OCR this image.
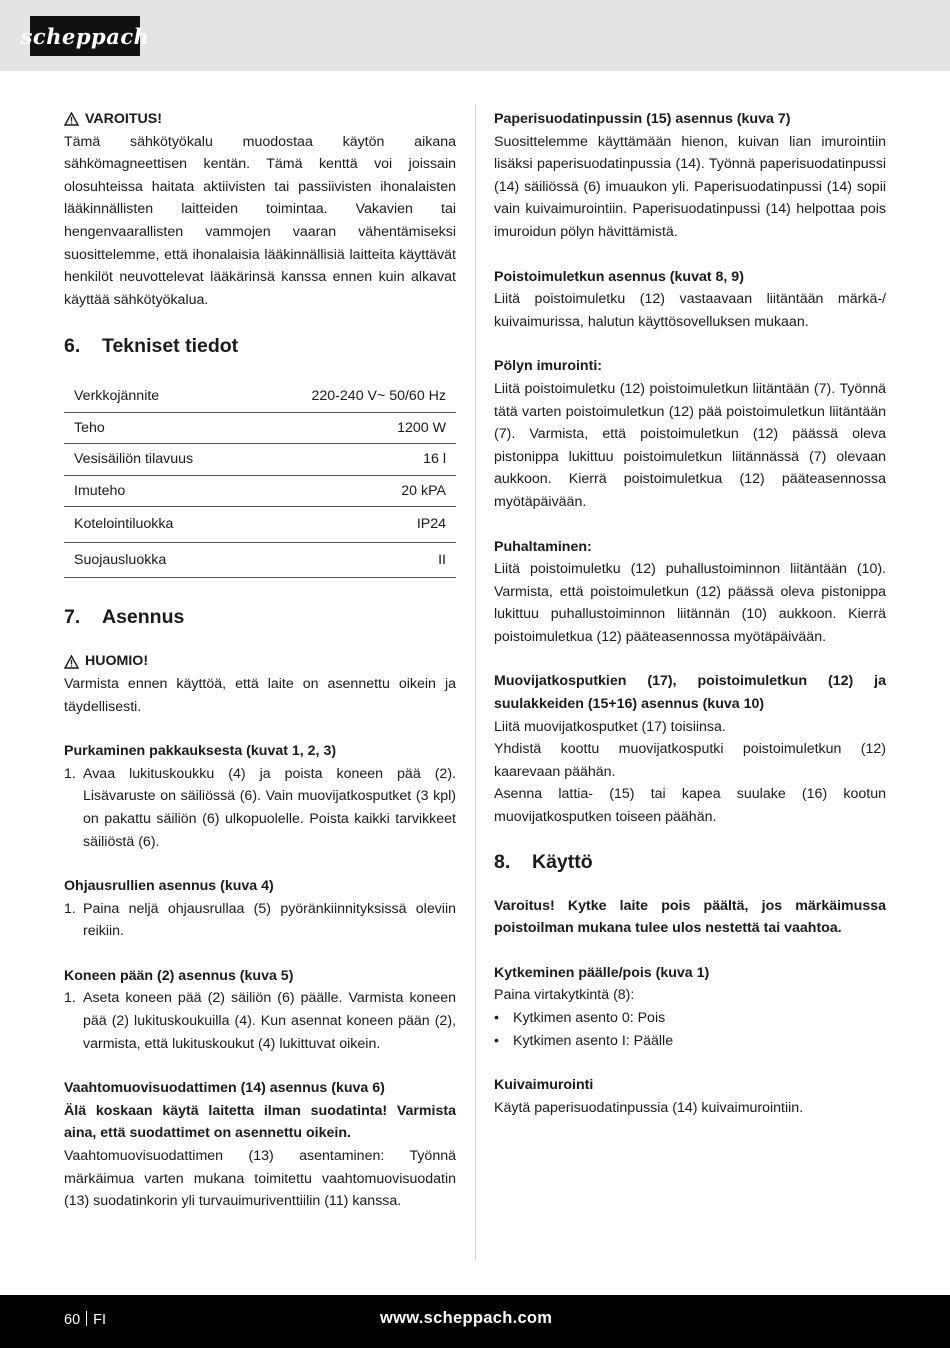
scheppach
VAROITUS!

Tämä sähkötyökalu muodostaa käytön aikana sähkömagneettisen kentän. Tämä kenttä voi joissain olosuhteissa haitata aktiivisten tai passiivisten ihonalaisten lääkinnällisten laitteiden toimintaa. Vakavien tai hengenvaarallisten vammojen vaaran vähentämiseksi suosittelemme, että ihonalaisia lääkinnällisiä laitteita käyttävät henkilöt neuvottelevat lääkärinsä kanssa ennen kuin alkavat käyttää sähkötyökalua.

6.	Tekniset tiedot
Verkkojännite	220-240 V~ 50/60 Hz
Teho	1200 W
Vesisäiliön tilavuus	16 l
Imuteho	20 kPA
Kotelointiluokka	IP24
Suojausluokka	II
7.	Asennus
HUOMIO!

Varmista ennen käyttöä, että laite on asennettu oikein ja täydellisesti.

Purkaminen pakkauksesta (kuvat 1, 2, 3)

1. Avaa lukituskoukku (4) ja poista koneen pää (2). Lisävaruste on säiliössä (6). Vain muovijatkosputket (3 kpl) on pakattu säiliön (6) ulkopuolelle. Poista kaikki tarvikkeet säiliöstä (6).

Ohjausrullien asennus (kuva 4)

1. Paina neljä ohjausrullaa (5) pyöränkiinnityksissä oleviin reikiin.

Koneen pään (2) asennus (kuva 5)

1. Aseta koneen pää (2) säiliön (6) päälle. Varmista koneen pää (2) lukituskoukuilla (4). Kun asennat koneen pään (2), varmista, että lukituskoukut (4) lukittuvat oikein.

Vaahtomuovisuodattimen (14) asennus (kuva 6)

Älä koskaan käytä laitetta ilman suodatinta! Varmista aina, että suodattimet on asennettu oikein.

Vaahtomuovisuodattimen (13) asentaminen: Työnnä märkäimua varten mukana toimitettu vaahtomuovisuodatin (13) suodatinkorin yli turvauimuriventtiilin (11) kanssa.

Paperisuodatinpussin (15) asennus (kuva 7)

Suosittelemme käyttämään hienon, kuivan lian imurointiin lisäksi paperisuodatinpussia (14). Työnnä paperisuodatinpussi (14) säiliössä (6) imuaukon yli. Paperisuodatinpussi (14) sopii vain kuivaimurointiin. Paperisuodatinpussi (14) helpottaa pois imuroidun pölyn hävittämistä.

Poistoimuletkun asennus (kuvat 8, 9)

Liitä poistoimuletku (12) vastaavaan liitäntään märkä-/ kuivaimurissa, halutun käyttösovelluksen mukaan.

Pölyn imurointi:

Liitä poistoimuletku (12) poistoimuletkun liitäntään (7). Työnnä tätä varten poistoimuletkun (12) pää poistoimuletkun liitäntään (7). Varmista, että poistoimuletkun (12) päässä oleva pistonippa lukittuu poistoimuletkun liitännässä (7) olevaan aukkoon. Kierrä poistoimuletkua (12) pääteasennossa myötäpäivään.

Puhaltaminen:

Liitä poistoimuletku (12) puhallustoiminnon liitäntään (10). Varmista, että poistoimuletkun (12) päässä oleva pistonippa lukittuu puhallustoiminnon liitännän (10) aukkoon. Kierrä poistoimuletkua (12) pääteasennossa myötäpäivään.

Muovijatkosputkien (17), poistoimuletkun (12) ja suulakkeiden (15+16) asennus (kuva 10)

Liitä muovijatkosputket (17) toisiinsa.

Yhdistä koottu muovijatkosputki poistoimuletkun (12) kaarevaan päähän.

Asenna lattia- (15) tai kapea suulake (16) kootun muovijatkosputken toiseen päähän.

8.	Käyttö

Varoitus! Kytke laite pois päältä, jos märkäimussa poistoilman mukana tulee ulos nestettä tai vaahtoa.

Kytkeminen päälle/pois (kuva 1)

Paina virtakytkintä (8):

• Kytkimen asento 0: Pois
• Kytkimen asento I: Päälle

Kuivaimurointi

Käytä paperisuodatinpussia (14) kuivaimurointiin.

60 FI	www.scheppach.com
